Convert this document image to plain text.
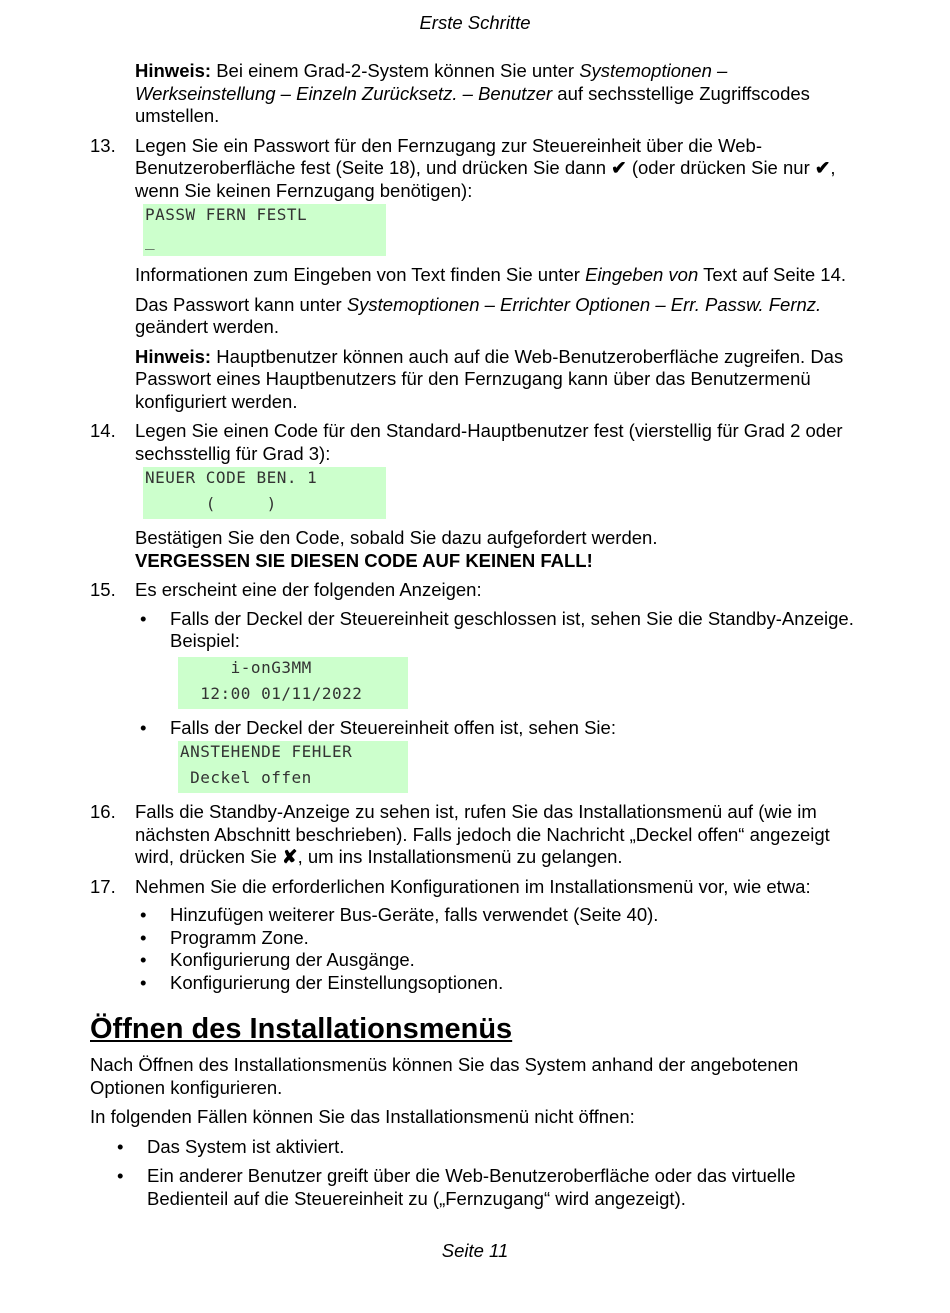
Erste Schritte

Hinweis: Bei einem Grad-2-System können Sie unter Systemoptionen – Werkseinstellung – Einzeln Zurücksetz. – Benutzer auf sechsstellige Zugriffscodes umstellen.

13.	Legen Sie ein Passwort für den Fernzugang zur Steuereinheit über die Web-Benutzeroberfläche fest (Seite 18), und drücken Sie dann ✔ (oder drücken Sie nur ✔, wenn Sie keinen Fernzugang benötigen):

PASSW FERN FESTL
_

Informationen zum Eingeben von Text finden Sie unter Eingeben von Text auf Seite 14.

Das Passwort kann unter Systemoptionen – Errichter Optionen – Err. Passw. Fernz. geändert werden.

Hinweis: Hauptbenutzer können auch auf die Web-Benutzeroberfläche zugreifen. Das Passwort eines Hauptbenutzers für den Fernzugang kann über das Benutzermenü konfiguriert werden.

14.	Legen Sie einen Code für den Standard-Hauptbenutzer fest (vierstellig für Grad 2 oder sechsstellig für Grad 3):

NEUER CODE BEN. 1
(     )

Bestätigen Sie den Code, sobald Sie dazu aufgefordert werden.

VERGESSEN SIE DIESEN CODE AUF KEINEN FALL!

15.	Es erscheint eine der folgenden Anzeigen:

• Falls der Deckel der Steuereinheit geschlossen ist, sehen Sie die Standby-Anzeige. Beispiel:
i-onG3MM
12:00 01/11/2022
• Falls der Deckel der Steuereinheit offen ist, sehen Sie:
ANSTEHENDE FEHLER
Deckel offen
16.	Falls die Standby-Anzeige zu sehen ist, rufen Sie das Installationsmenü auf (wie im nächsten Abschnitt beschrieben). Falls jedoch die Nachricht „Deckel offen“ angezeigt wird, drücken Sie ✘, um ins Installationsmenü zu gelangen.

17.	Nehmen Sie die erforderlichen Konfigurationen im Installationsmenü vor, wie etwa:

• Hinzufügen weiterer Bus-Geräte, falls verwendet (Seite 40).
• Programm Zone.
• Konfigurierung der Ausgänge.
• Konfigurierung der Einstellungsoptionen.
Öffnen des Installationsmenüs

Nach Öffnen des Installationsmenüs können Sie das System anhand der angebotenen Optionen konfigurieren.

In folgenden Fällen können Sie das Installationsmenü nicht öffnen:

• Das System ist aktiviert.
• Ein anderer Benutzer greift über die Web-Benutzeroberfläche oder das virtuelle Bedienteil auf die Steuereinheit zu („Fernzugang“ wird angezeigt).
Seite 11
